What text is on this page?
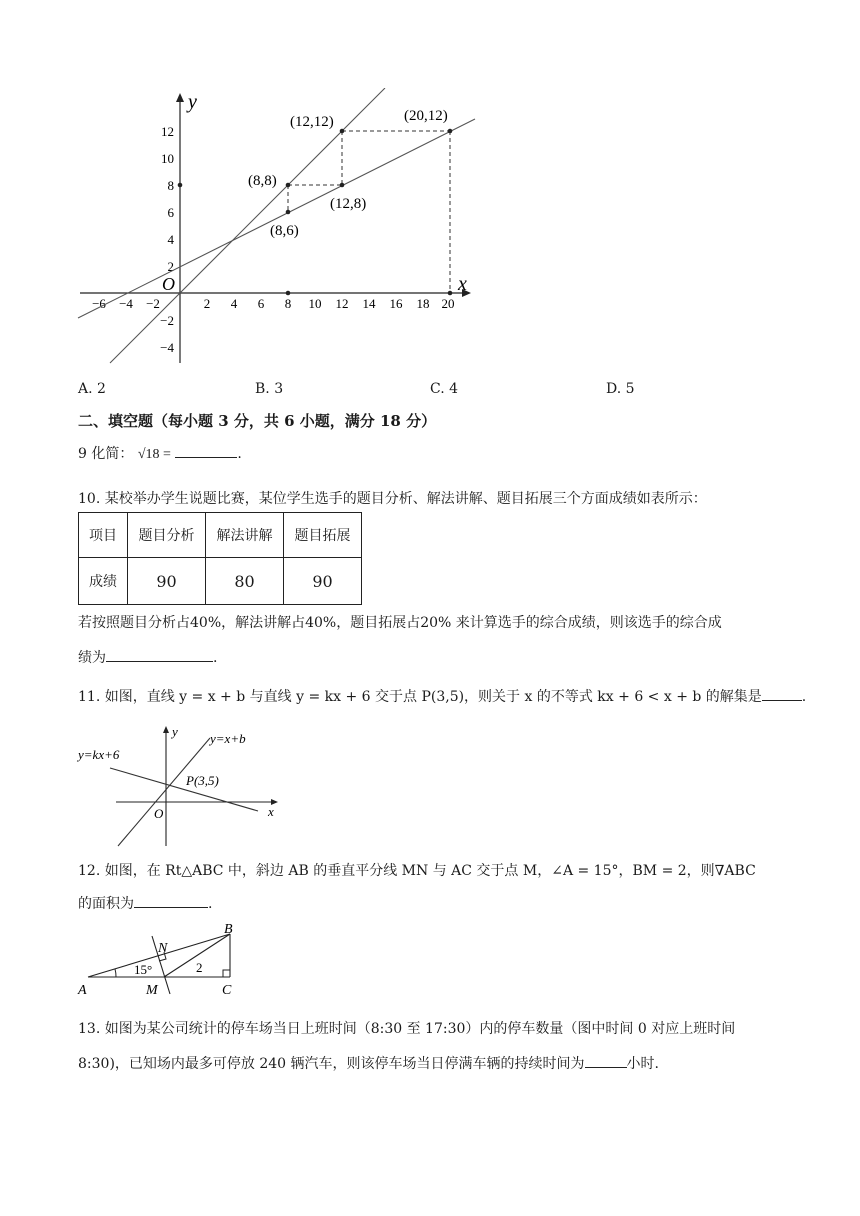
x
y
O
−6 −4 −2	2 4 6 8 10 12 14 16 18 20
12
10
8
6
4
2
−2
−4
(12,12)	(20,12)
(8,8)
(12,8)
(8,6)
A. 2	B. 3	C. 4	D. 5
二、填空题（每小题 3 分，共 6 小题，满分 18 分）
9 化简： √18 =	.
10. 某校举办学生说题比赛，某位学生选手的题目分析、解法讲解、题目拓展三个方面成绩如表所示：
项目	题目分析	解法讲解	题目拓展
成绩	90	80	90
若按照题目分析占40%，解法讲解占40%，题目拓展占20% 来计算选手的综合成绩，则该选手的综合成
绩为	.
11. 如图，直线 y = x + b 与直线 y = kx + 6 交于点 P(3,5)，则关于 x 的不等式 kx + 6 < x + b 的解集是	.
y=kx+6
y=x+b
P(3,5)
O	x
y
12. 如图，在 Rt△ABC 中，斜边 AB 的垂直平分线 MN 与 AC 交于点 M，∠A = 15°，BM = 2，则∇ABC
的面积为	.
A
B
C
M
N
15°	2
13. 如图为某公司统计的停车场当日上班时间（8:30 至 17:30）内的停车数量（图中时间 0 对应上班时间
8:30)，已知场内最多可停放 240 辆汽车，则该停车场当日停满车辆的持续时间为	小时.
